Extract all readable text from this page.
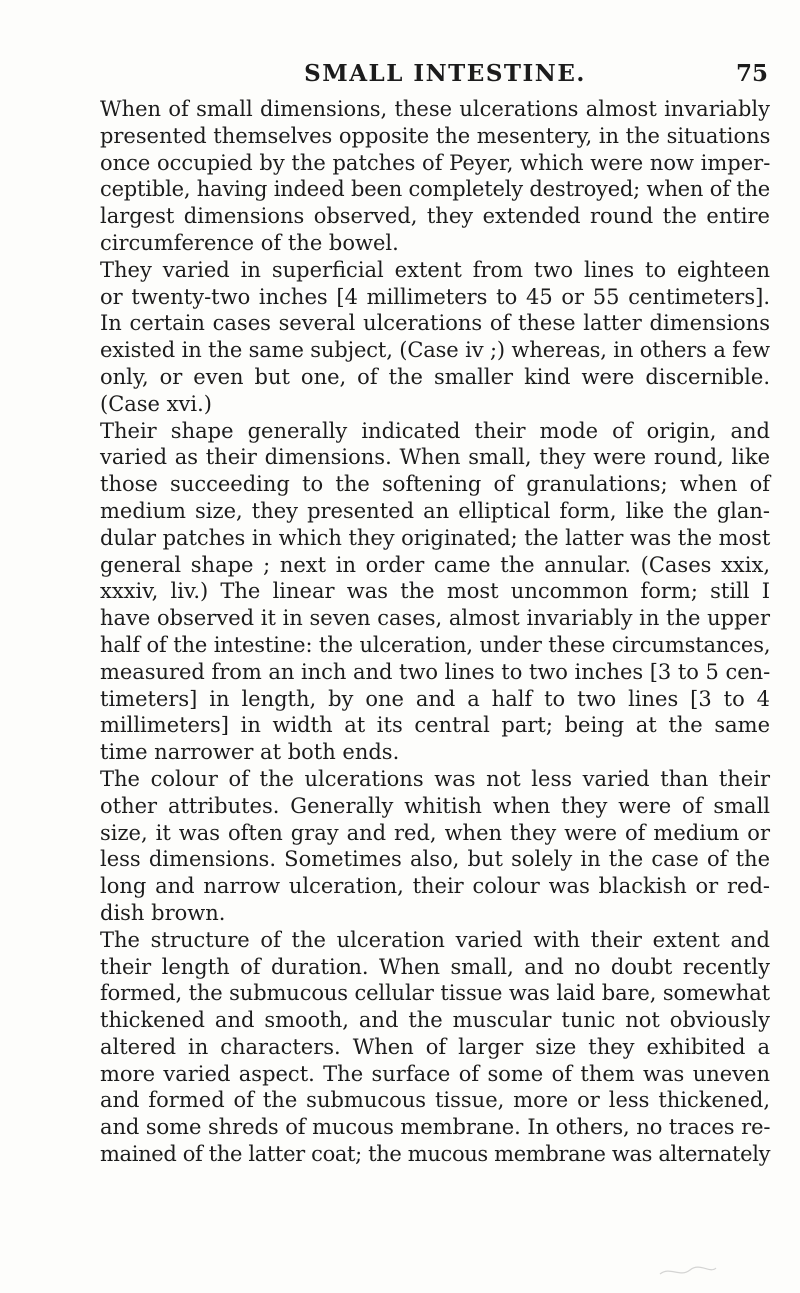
SMALL INTESTINE.	75
When of small dimensions, these ulcerations almost invariably
presented themselves opposite the mesentery, in the situations
once occupied by the patches of Peyer, which were now imper-
ceptible, having indeed been completely destroyed; when of the
largest dimensions observed, they extended round the entire
circumference of the bowel.
They varied in superficial extent from two lines to eighteen
or twenty-two inches [4 millimeters to 45 or 55 centimeters].
In certain cases several ulcerations of these latter dimensions
existed in the same subject, (Case iv ;) whereas, in others a few
only, or even but one, of the smaller kind were discernible.
(Case xvi.)
Their shape generally indicated their mode of origin, and
varied as their dimensions. When small, they were round, like
those succeeding to the softening of granulations; when of
medium size, they presented an elliptical form, like the glan-
dular patches in which they originated; the latter was the most
general shape ; next in order came the annular. (Cases xxix,
xxxiv, liv.) The linear was the most uncommon form; still I
have observed it in seven cases, almost invariably in the upper
half of the intestine: the ulceration, under these circumstances,
measured from an inch and two lines to two inches [3 to 5 cen-
timeters] in length, by one and a half to two lines [3 to 4
millimeters] in width at its central part; being at the same
time narrower at both ends.
The colour of the ulcerations was not less varied than their
other attributes. Generally whitish when they were of small
size, it was often gray and red, when they were of medium or
less dimensions. Sometimes also, but solely in the case of the
long and narrow ulceration, their colour was blackish or red-
dish brown.
The structure of the ulceration varied with their extent and
their length of duration. When small, and no doubt recently
formed, the submucous cellular tissue was laid bare, somewhat
thickened and smooth, and the muscular tunic not obviously
altered in characters. When of larger size they exhibited a
more varied aspect. The surface of some of them was uneven
and formed of the submucous tissue, more or less thickened,
and some shreds of mucous membrane. In others, no traces re-
mained of the latter coat; the mucous membrane was alternately
